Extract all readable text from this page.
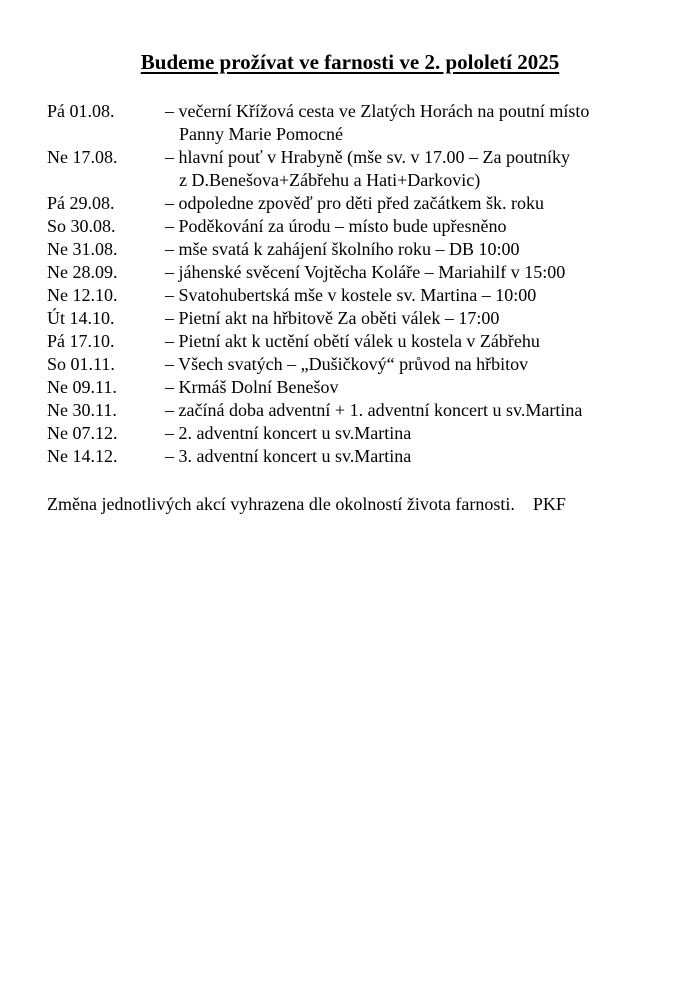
Budeme prožívat ve farnosti ve 2. pololetí 2025
Pá 01.08.	– večerní Křížová cesta ve Zlatých Horách na poutní místo
Panny Marie Pomocné
Ne 17.08.	– hlavní pouť v Hrabyně (mše sv. v 17.00 – Za poutníky
z D.Benešova+Zábřehu a Hati+Darkovic)
Pá 29.08.	– odpoledne zpověď pro děti před začátkem šk. roku
So 30.08.	– Poděkování za úrodu – místo bude upřesněno
Ne 31.08.	– mše svatá k zahájení školního roku – DB 10:00
Ne 28.09.	– jáhenské svěcení Vojtěcha Koláře – Mariahilf v 15:00
Ne 12.10.	– Svatohubertská mše v kostele sv. Martina – 10:00
Út 14.10.	– Pietní akt na hřbitově Za oběti válek – 17:00
Pá 17.10.	– Pietní akt k uctění obětí válek u kostela v Zábřehu
So 01.11.	– Všech svatých – „Dušičkový“ průvod na hřbitov
Ne 09.11.	– Krmáš Dolní Benešov
Ne 30.11.	– začíná doba adventní + 1. adventní koncert u sv.Martina
Ne 07.12.	– 2. adventní koncert u sv.Martina
Ne 14.12.	– 3. adventní koncert u sv.Martina
Změna jednotlivých akcí vyhrazena dle okolností života farnosti. PKF
